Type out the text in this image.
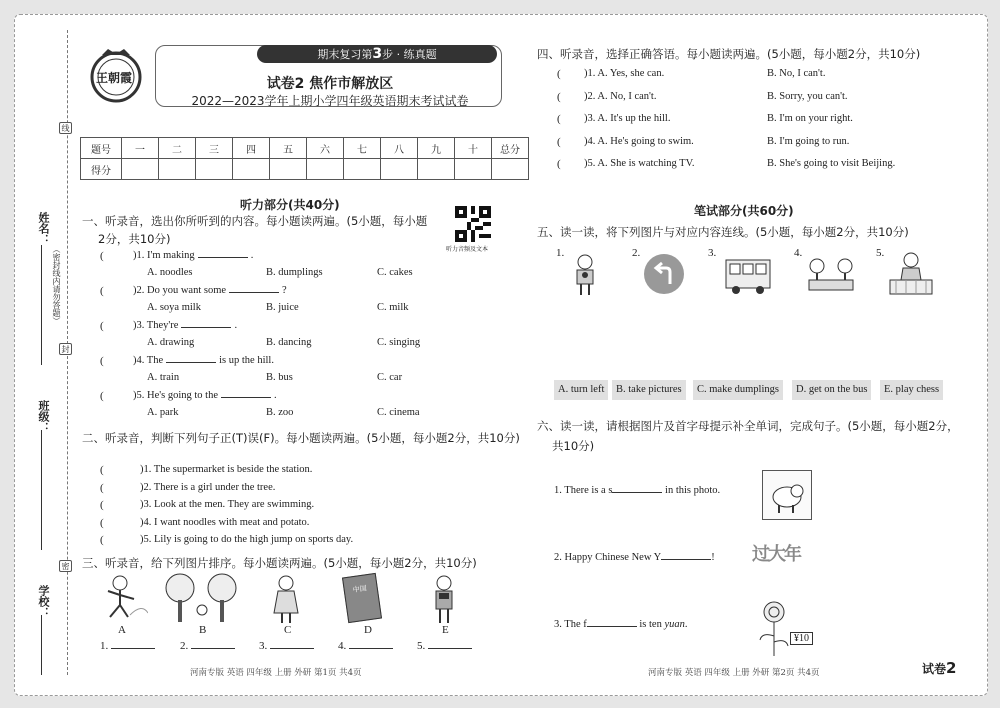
姓名：
班级：
学校：
（密封线内请勿答题）
线
封
密
王朝霞
期末复习第3步 · 练真题
试卷2 焦作市解放区
2022—2023学年上期小学四年级英语期末考试试卷
题号	一	二	三	四	五	六	七	八	九	十	总分
得分											
听力部分(共40分)
听力音频及文本
一、听录音，选出你所听到的内容。每小题读两遍。(5小题，每小题
2分，共10分)
(	)1. I'm making	.
A. noodles	B. dumplings	C. cakes
(	)2. Do you want some	?
A. soya milk	B. juice	C. milk
(	)3. They're	.
A. drawing	B. dancing	C. singing
(	)4. The	is up the hill.
A. train	B. bus	C. car
(	)5. He's going to the	.
A. park	B. zoo	C. cinema
二、听录音，判断下列句子正(T)误(F)。每小题读两遍。(5小题，每小题2分，共10分)
(	)1. The supermarket is beside the station.
(	)2. There is a girl under the tree.
(	)3. Look at the men. They are swimming.
(	)4. I want noodles with meat and potato.
(	)5. Lily is going to do the high jump on sports day.
三、听录音，给下列图片排序。每小题读两遍。(5小题，每小题2分，共10分)
中国
A	B	C	D	E
1.	2.	3.	4.	5.
河南专版 英语 四年级 上册 外研 第1页 共4页
四、听录音，选择正确答语。每小题读两遍。(5小题，每小题2分，共10分)
( )1. A. Yes, she can.	B. No, I can't.
( )2. A. No, I can't.	B. Sorry, you can't.
( )3. A. It's up the hill.	B. I'm on your right.
( )4. A. He's going to swim.	B. I'm going to run.
( )5. A. She is watching TV.	B. She's going to visit Beijing.
笔试部分(共60分)
五、读一读，将下列图片与对应内容连线。(5小题，每小题2分，共10分)
1.	2.	3.	4.	5.
A. turn left	B. take pictures	C. make dumplings	D. get on the bus	E. play chess
六、读一读，请根据图片及首字母提示补全单词，完成句子。(5小题，每小题2分，
共10分)
1. There is a s	in this photo.
2. Happy Chinese New Y	! 过大年
3. The f	is ten yuan.
¥10
河南专版 英语 四年级 上册 外研 第2页 共4页	试卷2
